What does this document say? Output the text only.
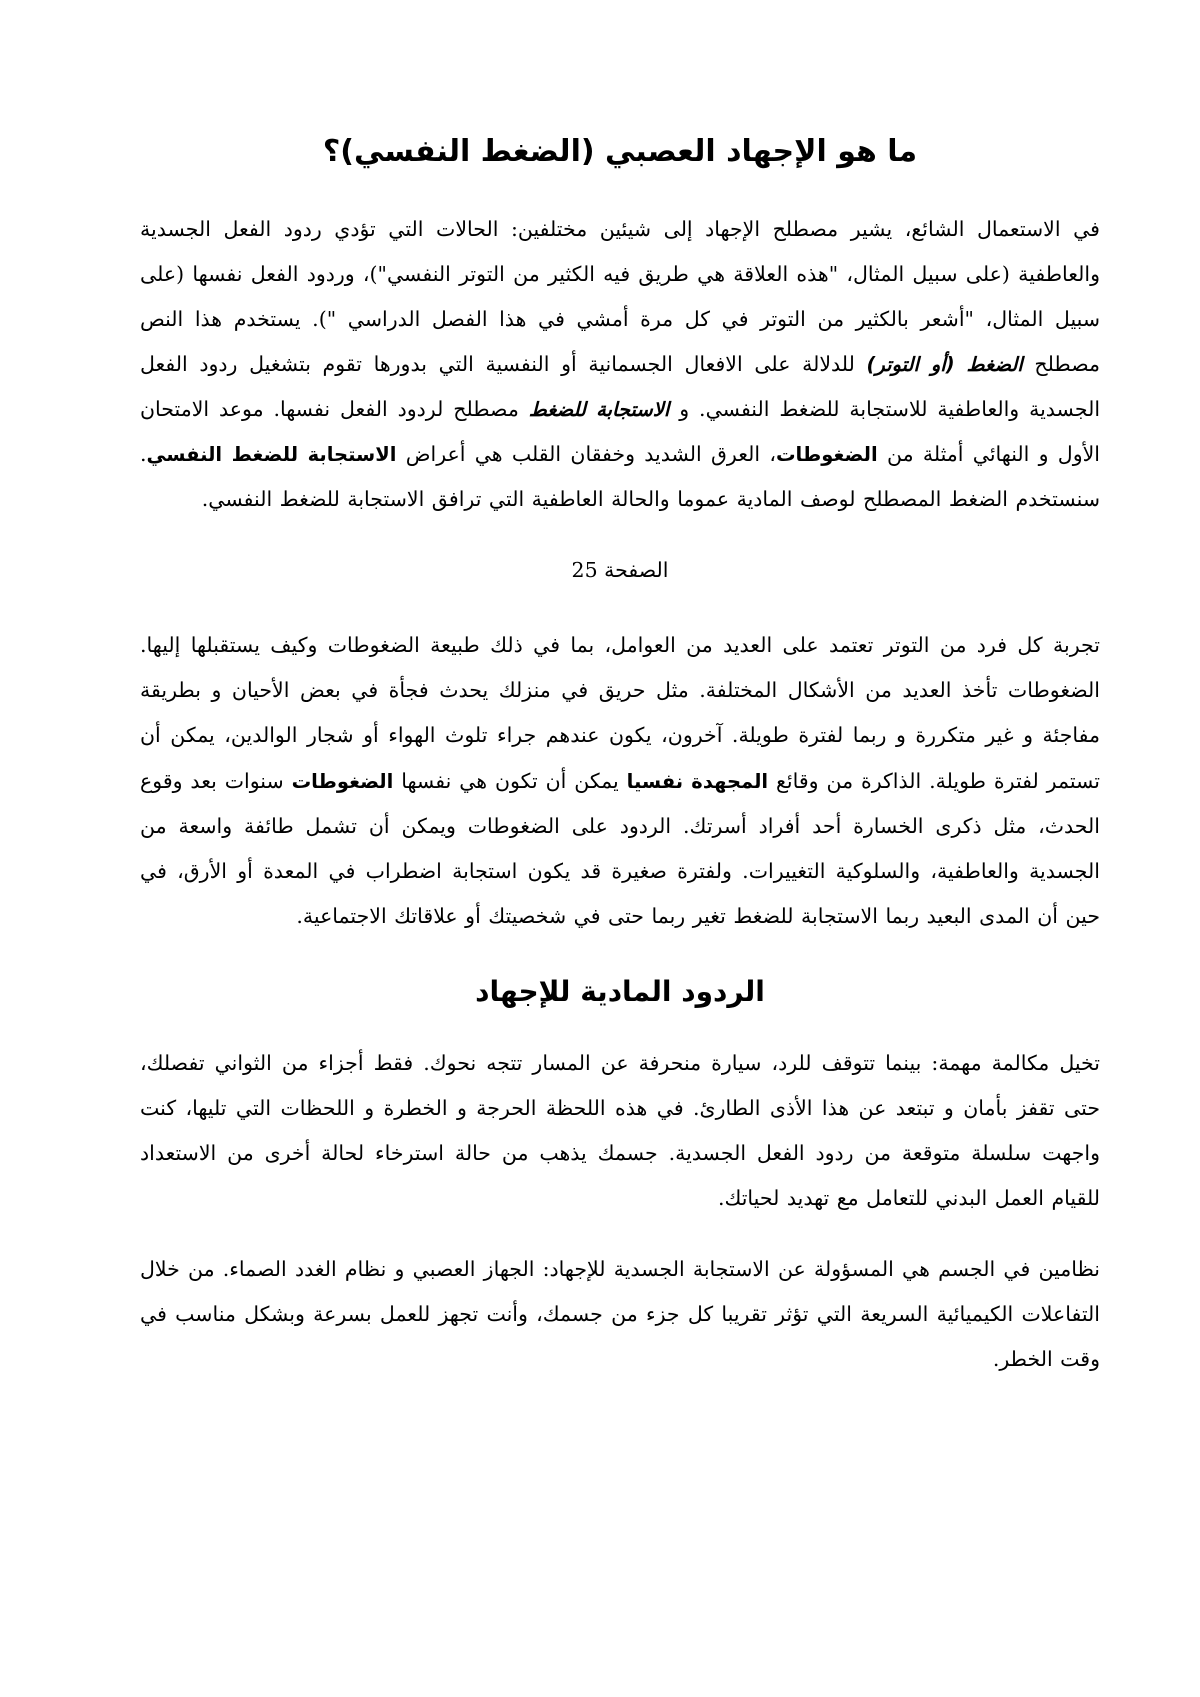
ما هو الإجهاد العصبي (الضغط النفسي)؟

في الاستعمال الشائع، يشير مصطلح الإجهاد إلى شيئين مختلفين: الحالات التي تؤدي ردود الفعل الجسدية والعاطفية (على سبيل المثال، "هذه العلاقة هي طريق فيه الكثير من التوتر النفسي")، وردود الفعل نفسها (على سبيل المثال، "أشعر بالكثير من التوتر في كل مرة أمشي في هذا الفصل الدراسي "). يستخدم هذا النص مصطلح الضغط (أو التوتر) للدلالة على الافعال الجسمانية أو النفسية التي بدورها تقوم بتشغيل ردود الفعل الجسدية والعاطفية للاستجابة للضغط النفسي. و الاستجابة للضغط مصطلح لردود الفعل نفسها. موعد الامتحان الأول و النهائي أمثلة من الضغوطات، العرق الشديد وخفقان القلب هي أعراض الاستجابة للضغط النفسي. سنستخدم الضغط المصطلح لوصف المادية عموما والحالة العاطفية التي ترافق الاستجابة للضغط النفسي.

الصفحة 25

تجربة كل فرد من التوتر تعتمد على العديد من العوامل، بما في ذلك طبيعة الضغوطات وكيف يستقبلها إليها. الضغوطات تأخذ العديد من الأشكال المختلفة. مثل حريق في منزلك يحدث فجأة في بعض الأحيان و بطريقة مفاجئة و غير متكررة و ربما لفترة طويلة. آخرون، يكون عندهم جراء تلوث الهواء أو شجار الوالدين، يمكن أن تستمر لفترة طويلة. الذاكرة من وقائع المجهدة نفسيا يمكن أن تكون هي نفسها الضغوطات سنوات بعد وقوع الحدث، مثل ذكرى الخسارة أحد أفراد أسرتك. الردود على الضغوطات ويمكن أن تشمل طائفة واسعة من الجسدية والعاطفية، والسلوكية التغييرات. ولفترة صغيرة قد يكون استجابة اضطراب في المعدة أو الأرق، في حين أن المدى البعيد ربما الاستجابة للضغط تغير ربما حتى في شخصيتك أو علاقاتك الاجتماعية.

الردود المادية للإجهاد

تخيل مكالمة مهمة: بينما تتوقف للرد، سيارة منحرفة عن المسار تتجه نحوك. فقط أجزاء من الثواني تفصلك، حتى تقفز بأمان و تبتعد عن هذا الأذى الطارئ. في هذه اللحظة الحرجة و الخطرة و اللحظات التي تليها، كنت واجهت سلسلة متوقعة من ردود الفعل الجسدية. جسمك يذهب من حالة استرخاء لحالة أخرى من الاستعداد للقيام العمل البدني للتعامل مع تهديد لحياتك.

نظامين في الجسم هي المسؤولة عن الاستجابة الجسدية للإجهاد: الجهاز العصبي و نظام الغدد الصماء. من خلال التفاعلات الكيميائية السريعة التي تؤثر تقريبا كل جزء من جسمك، وأنت تجهز للعمل بسرعة وبشكل مناسب في وقت الخطر.
